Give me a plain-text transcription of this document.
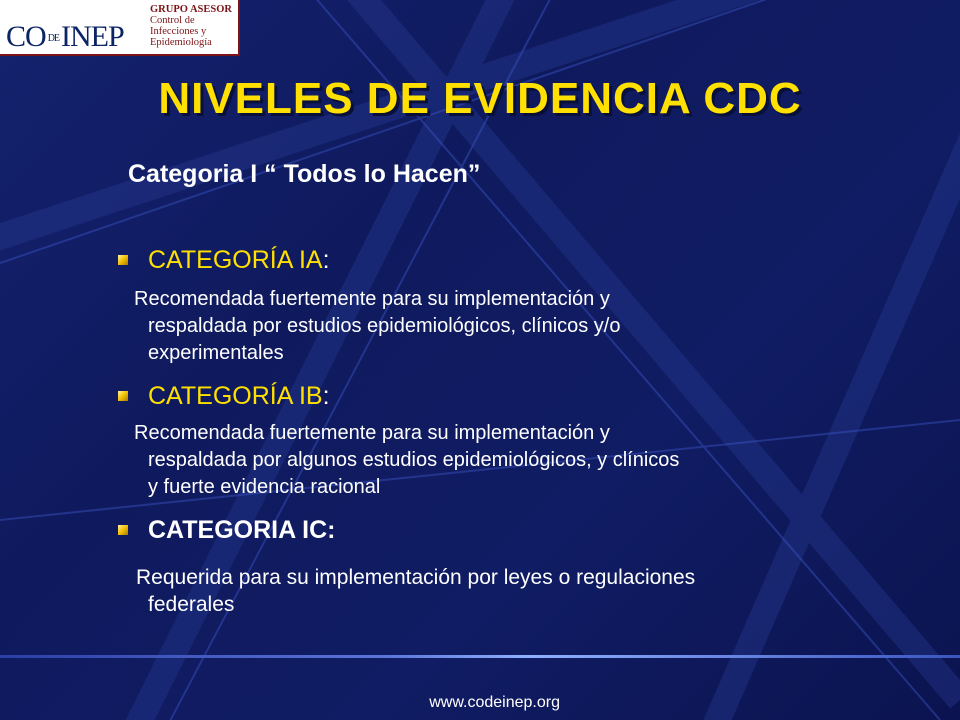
CO DEINEP
GRUPO ASESOR
Control de
Infecciones y
Epidemiología
NIVELES DE EVIDENCIA CDC
Categoria I “ Todos lo Hacen”
CATEGORÍA IA:
Recomendada fuertemente para su implementación y
respaldada por estudios epidemiológicos, clínicos y/o
experimentales
CATEGORÍA IB:
Recomendada fuertemente para su implementación y
respaldada por algunos estudios epidemiológicos, y clínicos
y fuerte evidencia racional
CATEGORIA IC:
Requerida para su implementación por leyes o regulaciones
federales
www.codeinep.org
